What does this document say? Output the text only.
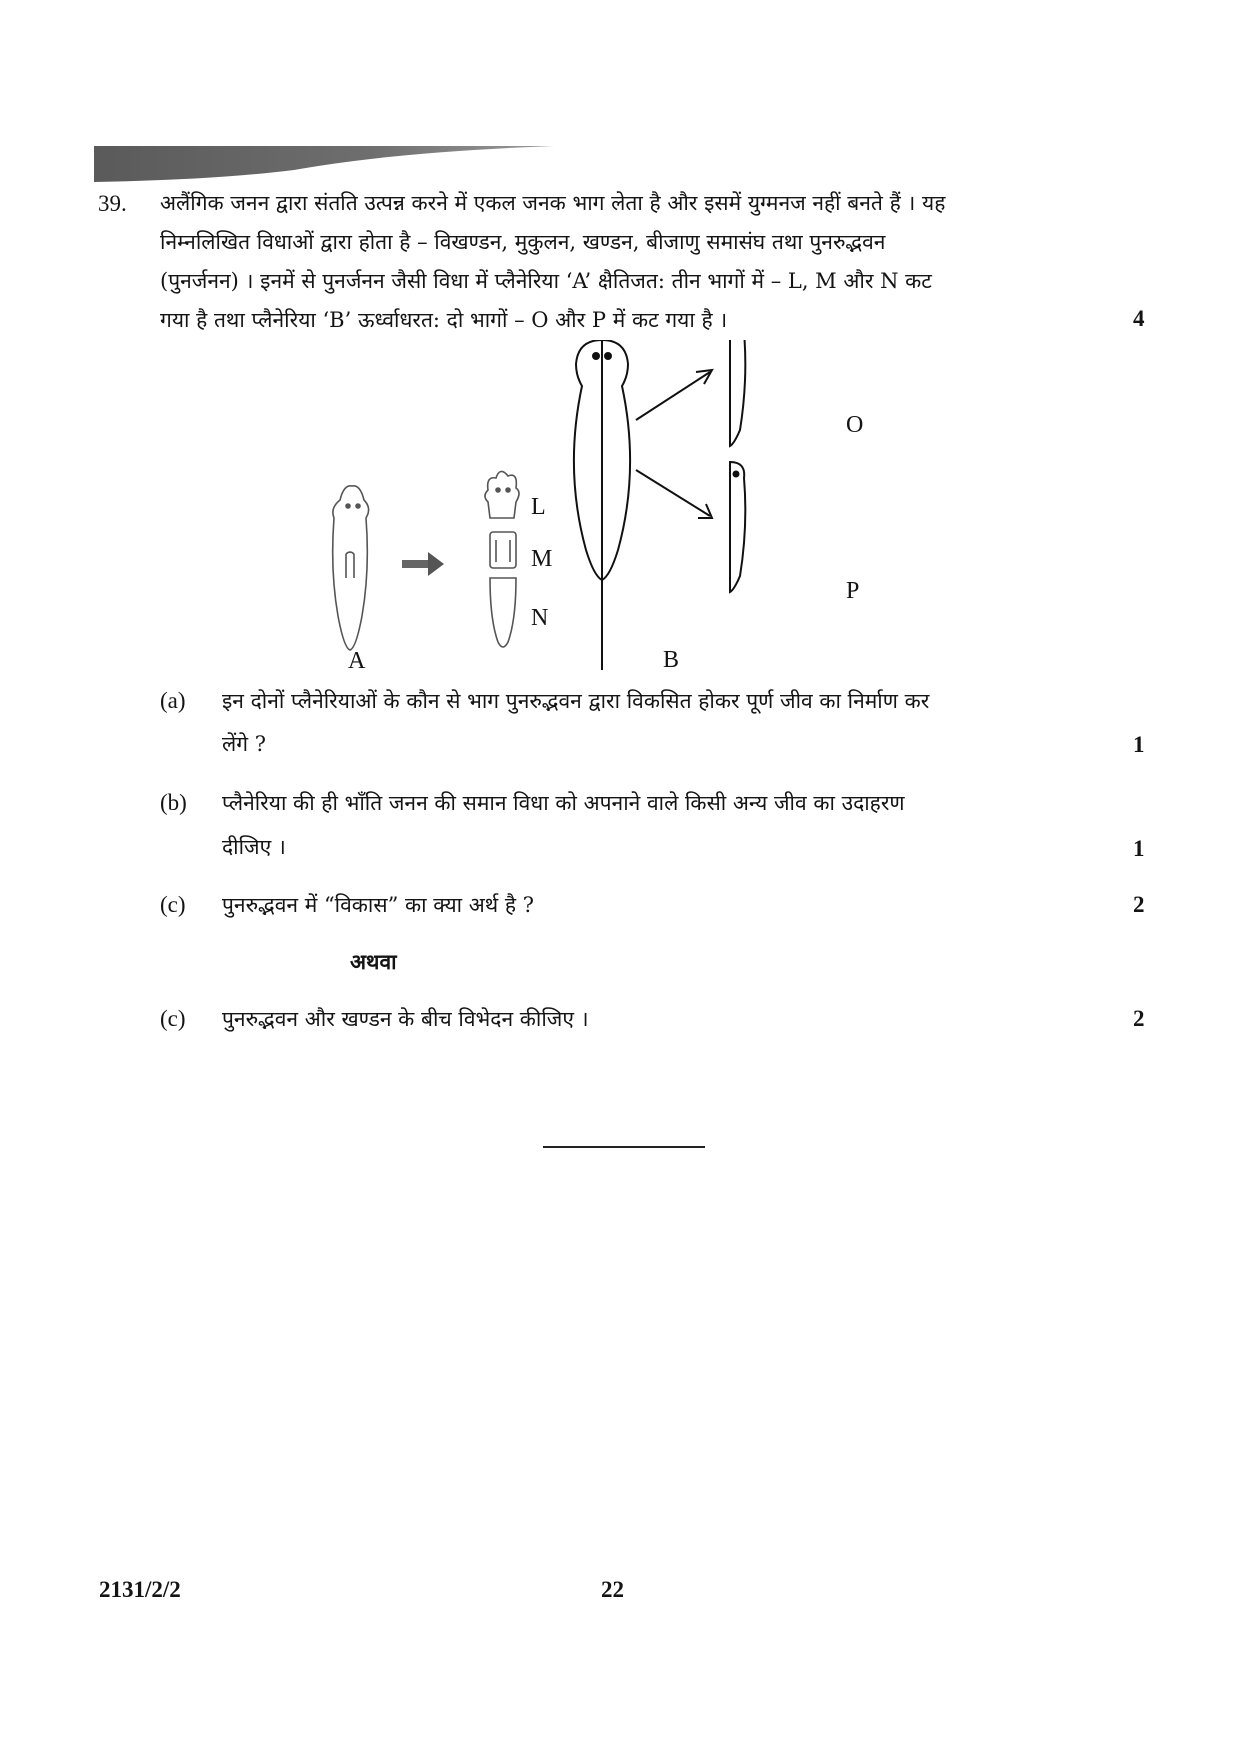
39. अलैंगिक जनन द्वारा संतति उत्पन्न करने में एकल जनक भाग लेता है और इसमें युग्मनज नहीं बनते हैं । यह
निम्नलिखित विधाओं द्वारा होता है – विखण्डन, मुकुलन, खण्डन, बीजाणु समासंघ तथा पुनरुद्भवन
(पुनर्जनन) । इनमें से पुनर्जनन जैसी विधा में प्लैनेरिया ‘A’ क्षैतिजत: तीन भागों में – L, M और N कट
गया है तथा प्लैनेरिया ‘B’ ऊर्ध्वाधरत: दो भागों – O और P में कट गया है ।	4
A
L
M
N
B
O
P
(a) इन दोनों प्लैनेरियाओं के कौन से भाग पुनरुद्भवन द्वारा विकसित होकर पूर्ण जीव का निर्माण कर
लेंगे ?	1
(b) प्लैनेरिया की ही भाँति जनन की समान विधा को अपनाने वाले किसी अन्य जीव का उदाहरण
दीजिए ।	1
(c) पुनरुद्भवन में “विकास” का क्या अर्थ है ?	2
अथवा
(c) पुनरुद्भवन और खण्डन के बीच विभेदन कीजिए ।	2
2131/2/2	22
